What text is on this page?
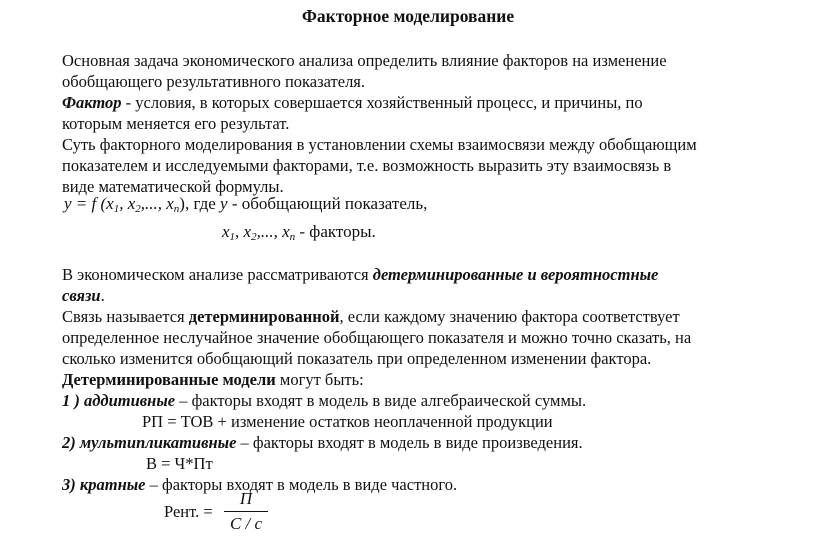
Факторное моделирование
Основная задача экономического анализа определить влияние факторов на изменение
обобщающего результативного показателя.
Фактор - условия, в которых совершается хозяйственный процесс, и причины, по
которым меняется его результат.
Суть факторного моделирования в установлении схемы взаимосвязи между обобщающим
показателем и исследуемыми факторами, т.е. возможность выразить эту взаимосвязь в
виде математической формулы.
y = f ($x_1$, $x_2$,..., $x_n$), где y - обобщающий показатель,
$x_1$, $x_2$,..., $x_n$ - факторы.
В экономическом анализе рассматриваются детерминированные и вероятностные
связи.
Связь называется детерминированной, если каждому значению фактора соответствует
определенное неслучайное значение обобщающего показателя и можно точно сказать, на
сколько изменится обобщающий показатель при определенном изменении фактора.
Детерминированные модели могут быть:
1 ) аддитивные – факторы входят в модель в виде алгебраической суммы.
РП = ТОВ + изменение остатков неоплаченной продукции
2) мультипликативные – факторы входят в модель в виде произведения.
В = Ч*Пт
3) кратные – факторы входят в модель в виде частного.
Рент. =
П
С / с
